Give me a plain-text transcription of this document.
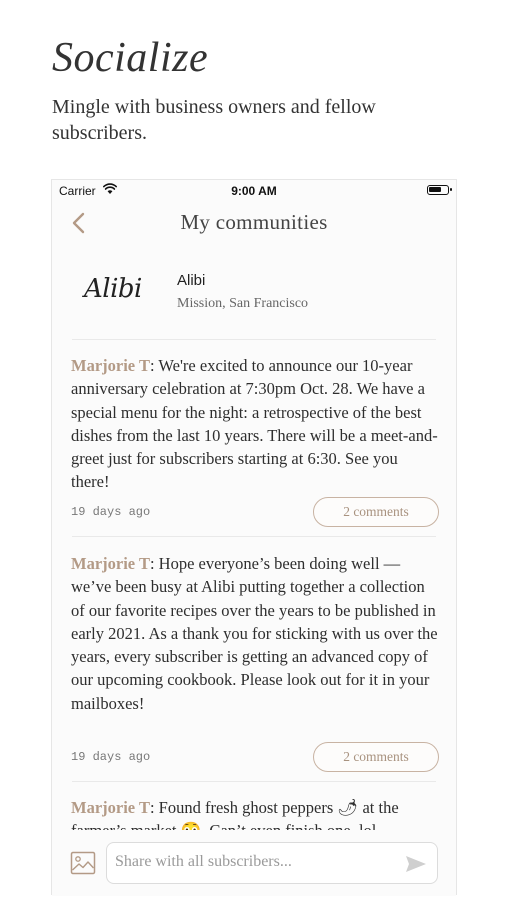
Socialize
Mingle with business owners and fellow subscribers.
Carrier	9:00 AM
My communities
Alibi Alibi
Mission, San Francisco

Marjorie T: We're excited to announce our 10-year anniversary celebration at 7:30pm Oct. 28. We have a special menu for the night: a retrospective of the best dishes from the last 10 years. There will be a meet-and-greet just for subscribers starting at 6:30. See you there!

19 days ago	2 comments

Marjorie T: Hope everyone’s been doing well — we’ve been busy at Alibi putting together a collection of our favorite recipes over the years to be published in early 2021. As a thank you for sticking with us over the years, every subscriber is getting an advanced copy of our upcoming cookbook. Please look out for it in your mailboxes!

19 days ago	2 comments

Marjorie T: Found fresh ghost peppers 🌶 at the

Share with all subscribers...
